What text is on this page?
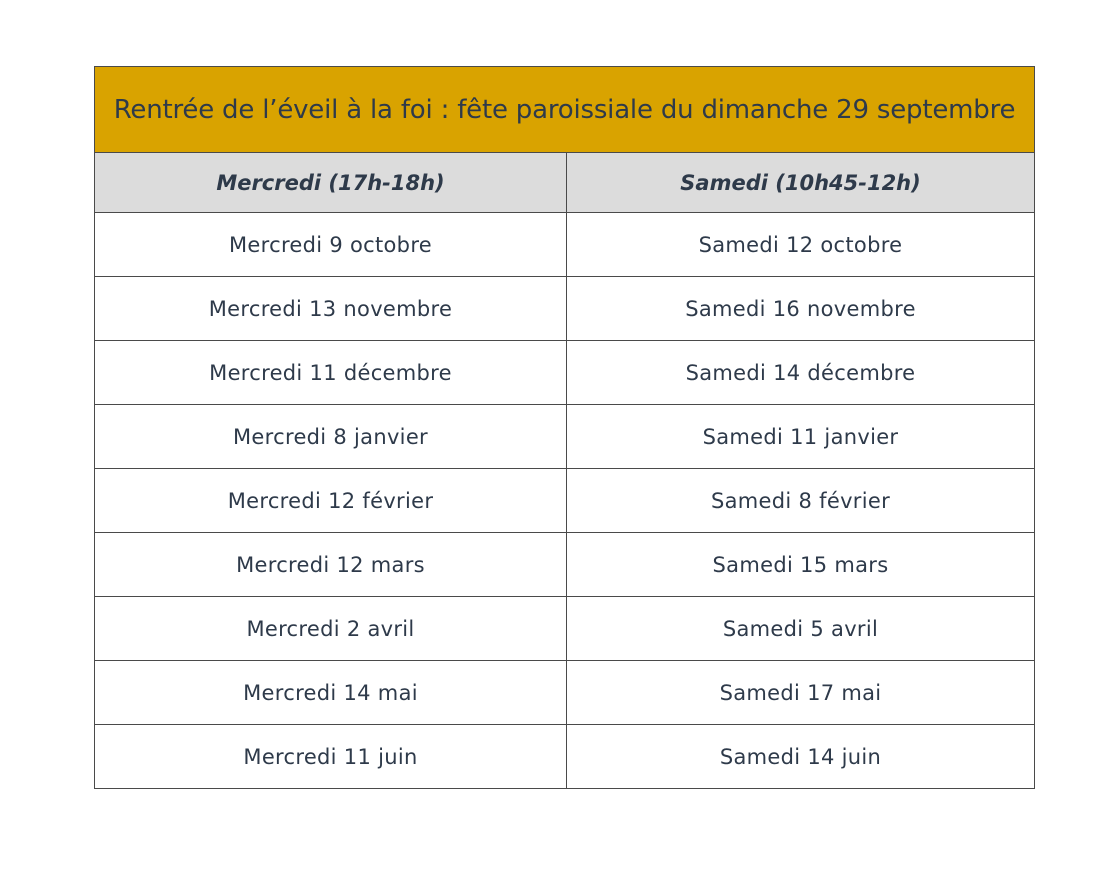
Rentrée de l’éveil à la foi : fête paroissiale du dimanche 29 septembre	
Mercredi (17h-18h)	Samedi (10h45-12h)
Mercredi 9 octobre	Samedi 12 octobre
Mercredi 13 novembre	Samedi 16 novembre
Mercredi 11 décembre	Samedi 14 décembre
Mercredi 8 janvier	Samedi 11 janvier
Mercredi 12 février	Samedi 8 février
Mercredi 12 mars	Samedi 15 mars
Mercredi 2 avril	Samedi 5 avril
Mercredi 14 mai	Samedi 17 mai
Mercredi 11 juin	Samedi 14 juin
